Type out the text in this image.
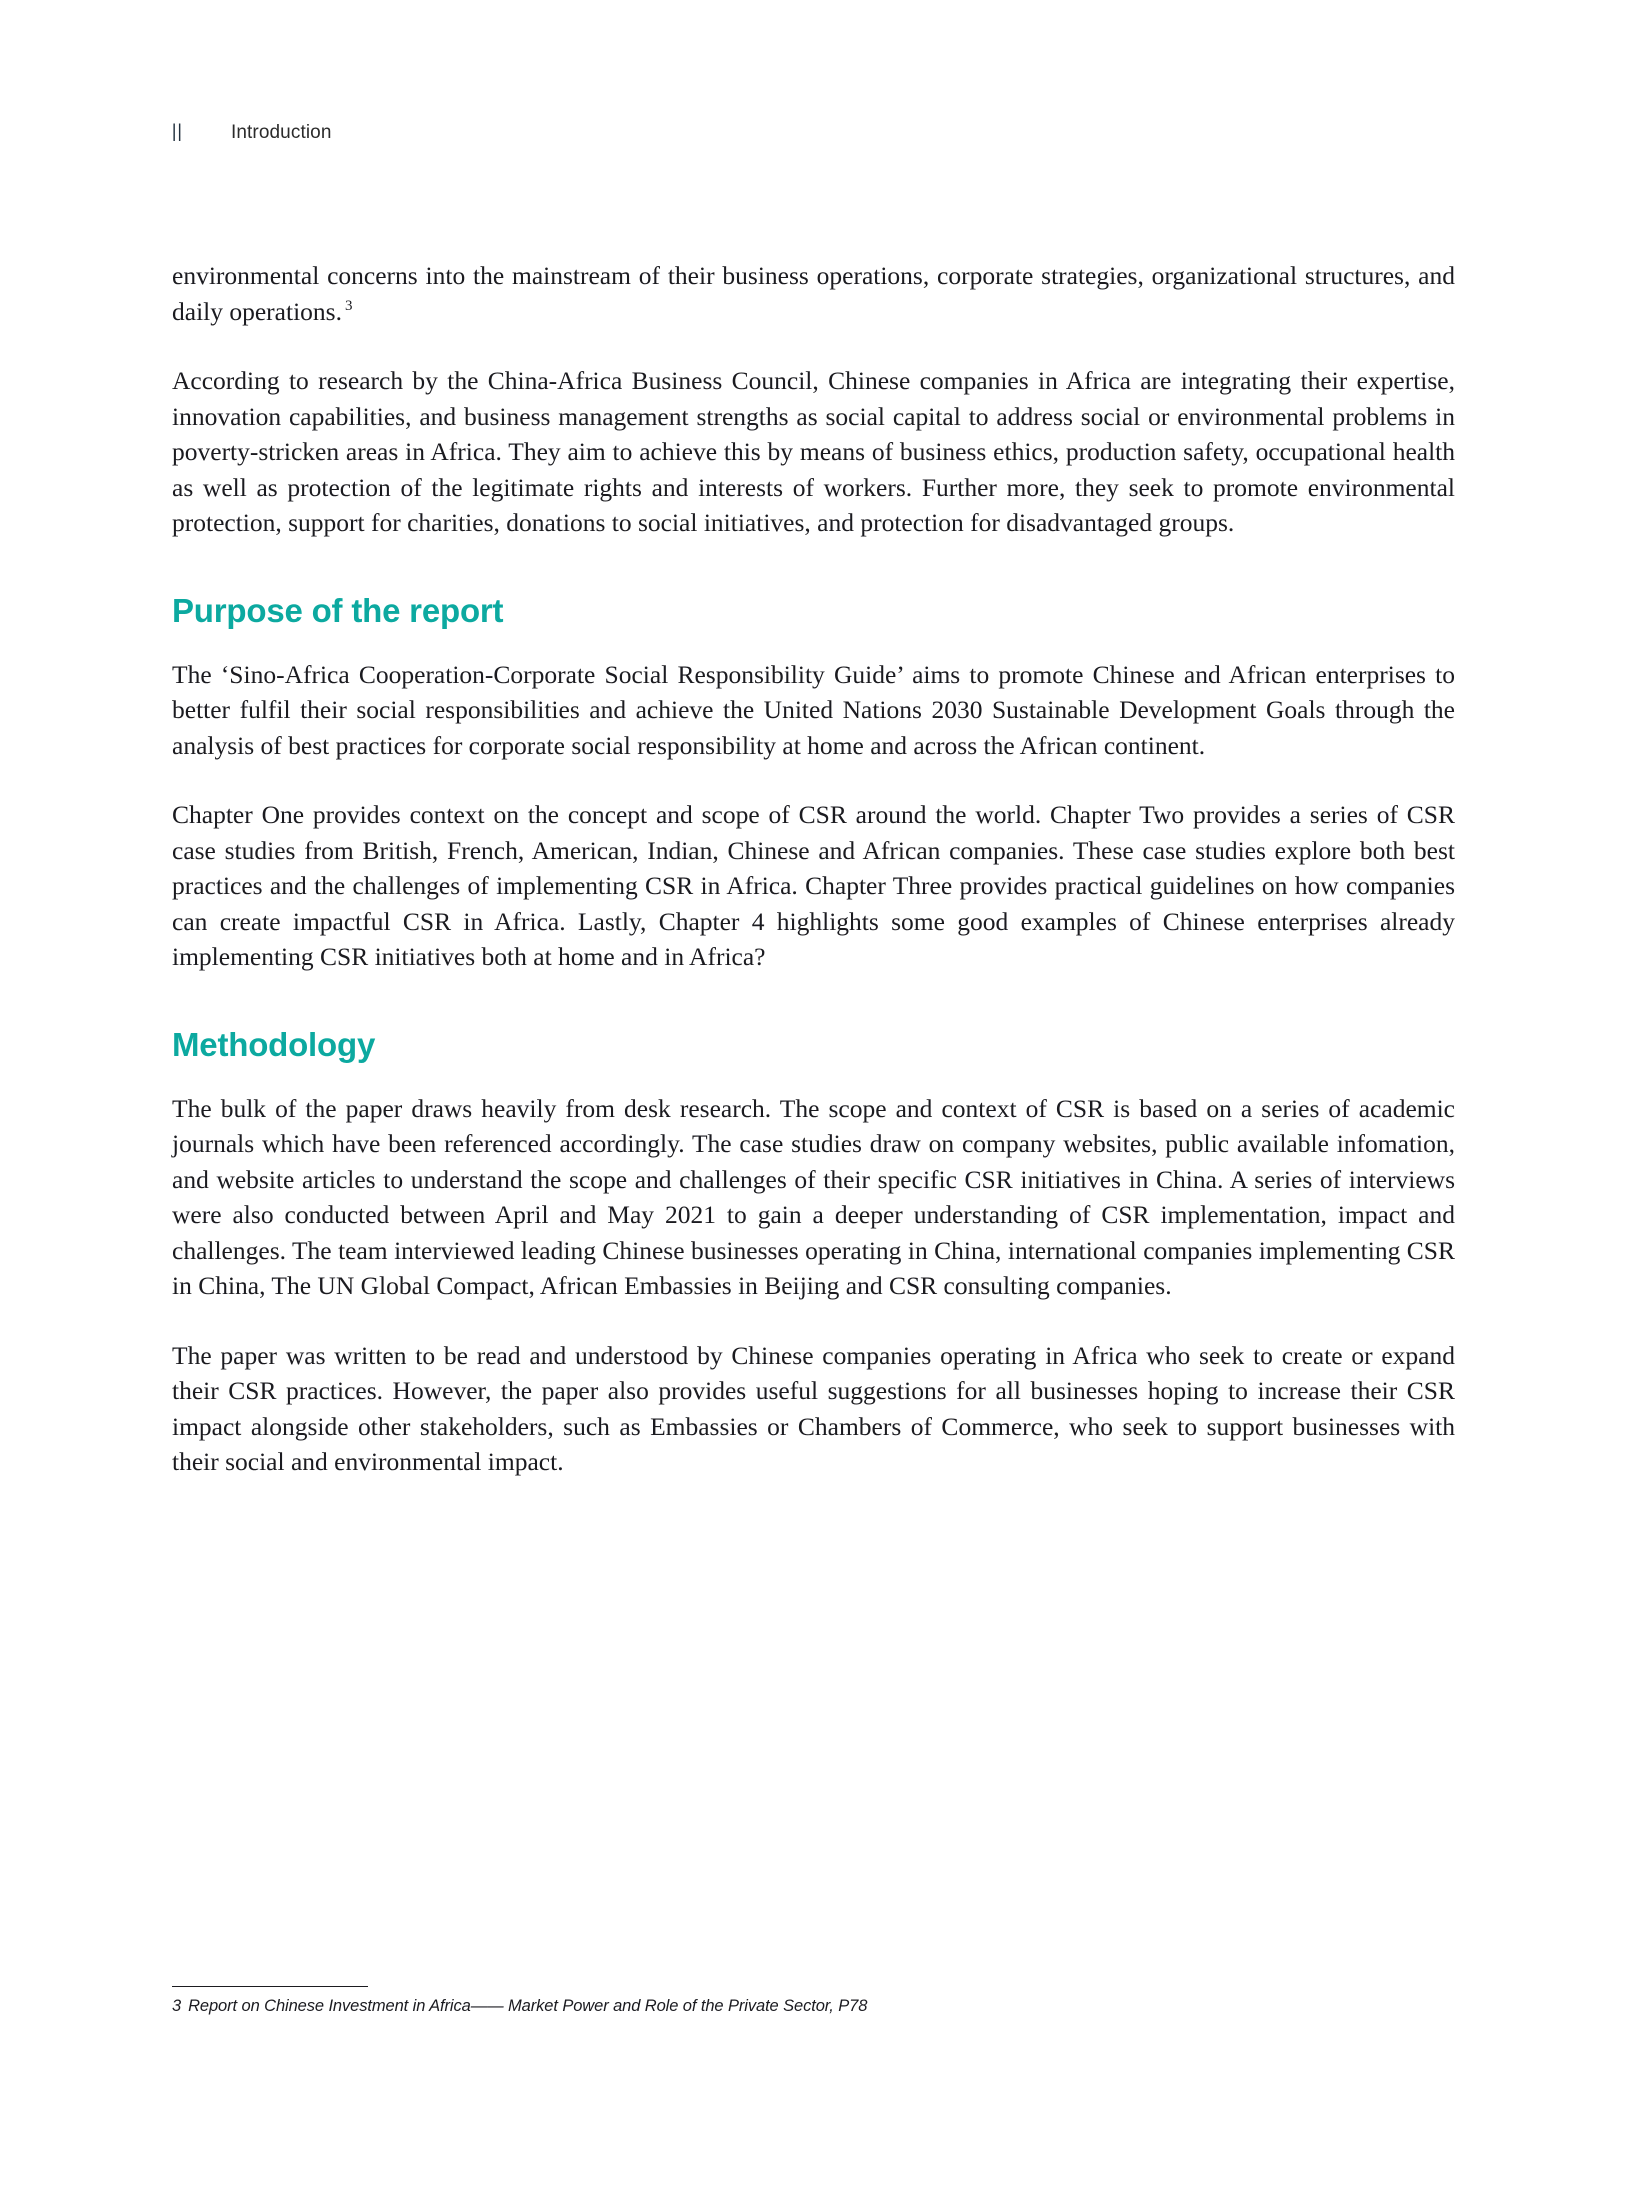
II	Introduction

environmental concerns into the mainstream of their business operations, corporate strategies, organizational structures, and daily operations. $^3$

According to research by the China-Africa Business Council, Chinese companies in Africa are integrating their expertise, innovation capabilities, and business management strengths as social capital to address social or environmental problems in poverty-stricken areas in Africa. They aim to achieve this by means of business ethics, production safety, occupational health as well as protection of the legitimate rights and interests of workers. Further more, they seek to promote environmental protection, support for charities, donations to social initiatives, and protection for disadvantaged groups.

Purpose of the report

The ‘Sino-Africa Cooperation-Corporate Social Responsibility Guide’ aims to promote Chinese and African enterprises to better fulfil their social responsibilities and achieve the United Nations 2030 Sustainable Development Goals through the analysis of best practices for corporate social responsibility at home and across the African continent.

Chapter One provides context on the concept and scope of CSR around the world. Chapter Two provides a series of CSR case studies from British, French, American, Indian, Chinese and African companies. These case studies explore both best practices and the challenges of implementing CSR in Africa. Chapter Three provides practical guidelines on how companies can create impactful CSR in Africa. Lastly, Chapter 4 highlights some good examples of Chinese enterprises already implementing CSR initiatives both at home and in Africa?

Methodology

The bulk of the paper draws heavily from desk research. The scope and context of CSR is based on a series of academic journals which have been referenced accordingly. The case studies draw on company websites, public available infomation, and website articles to understand the scope and challenges of their specific CSR initiatives in China. A series of interviews were also conducted between April and May 2021 to gain a deeper understanding of CSR implementation, impact and challenges. The team interviewed leading Chinese businesses operating in China, international companies implementing CSR in China, The UN Global Compact, African Embassies in Beijing and CSR consulting companies.

The paper was written to be read and understood by Chinese companies operating in Africa who seek to create or expand their CSR practices. However, the paper also provides useful suggestions for all businesses hoping to increase their CSR impact alongside other stakeholders, such as Embassies or Chambers of Commerce, who seek to support businesses with their social and environmental impact.

3 Report on Chinese Investment in Africa—— Market Power and Role of the Private Sector, P78
